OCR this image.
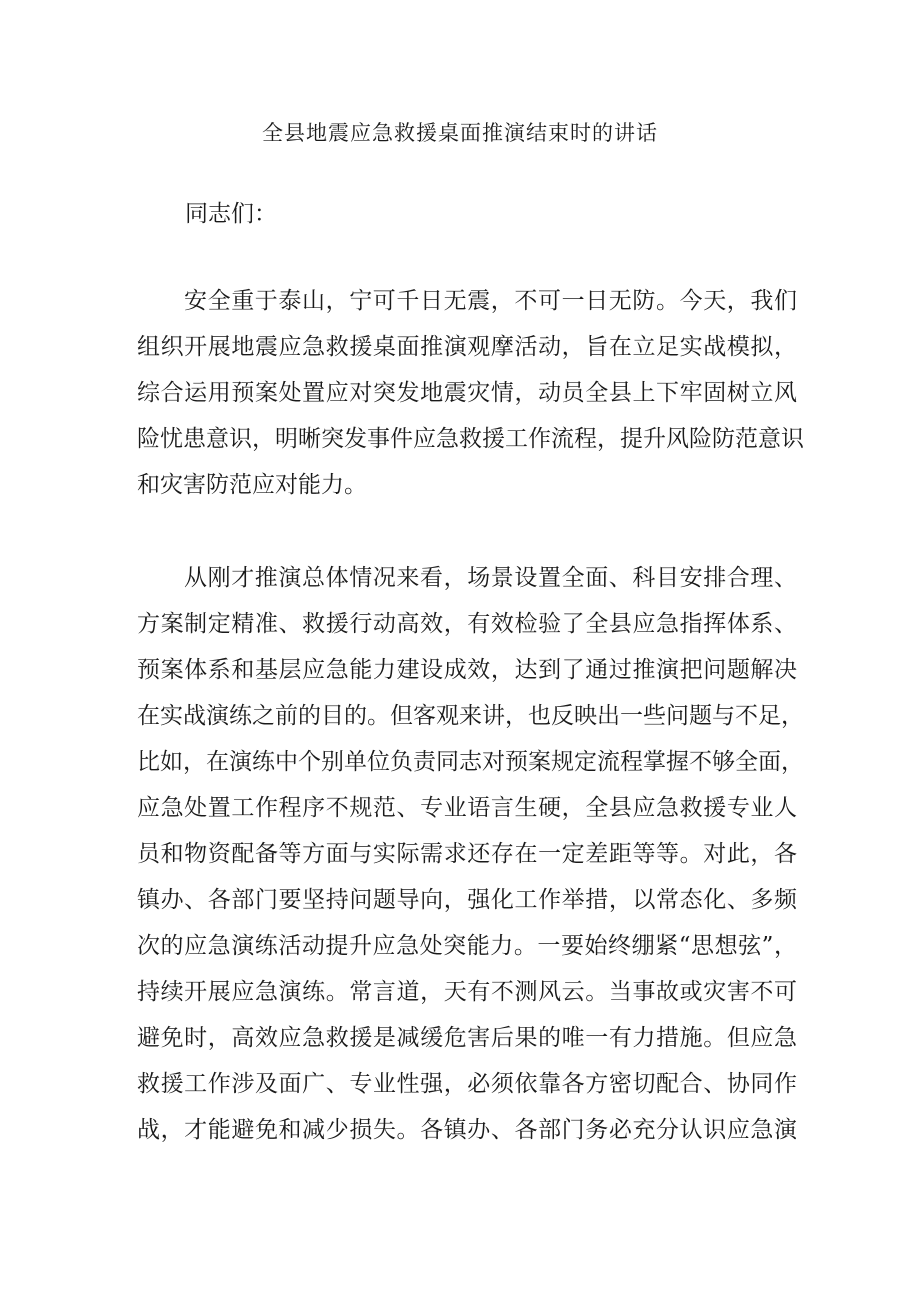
全县地震应急救援桌面推演结束时的讲话
同志们：
安全重于泰山，宁可千日无震，不可一日无防。今天，我们
组织开展地震应急救援桌面推演观摩活动，旨在立足实战模拟，
综合运用预案处置应对突发地震灾情，动员全县上下牢固树立风
险忧患意识，明晰突发事件应急救援工作流程，提升风险防范意识
和灾害防范应对能力。
从刚才推演总体情况来看，场景设置全面、科目安排合理、
方案制定精准、救援行动高效，有效检验了全县应急指挥体系、
预案体系和基层应急能力建设成效，达到了通过推演把问题解决
在实战演练之前的目的。但客观来讲，也反映出一些问题与不足，
比如，在演练中个别单位负责同志对预案规定流程掌握不够全面，
应急处置工作程序不规范、专业语言生硬，全县应急救援专业人
员和物资配备等方面与实际需求还存在一定差距等等。对此，各
镇办、各部门要坚持问题导向，强化工作举措，以常态化、多频
次的应急演练活动提升应急处突能力。一要始终绷紧“思想弦”，
持续开展应急演练。常言道，天有不测风云。当事故或灾害不可
避免时，高效应急救援是减缓危害后果的唯一有力措施。但应急
救援工作涉及面广、专业性强，必须依靠各方密切配合、协同作
战，才能避免和减少损失。各镇办、各部门务必充分认识应急演
